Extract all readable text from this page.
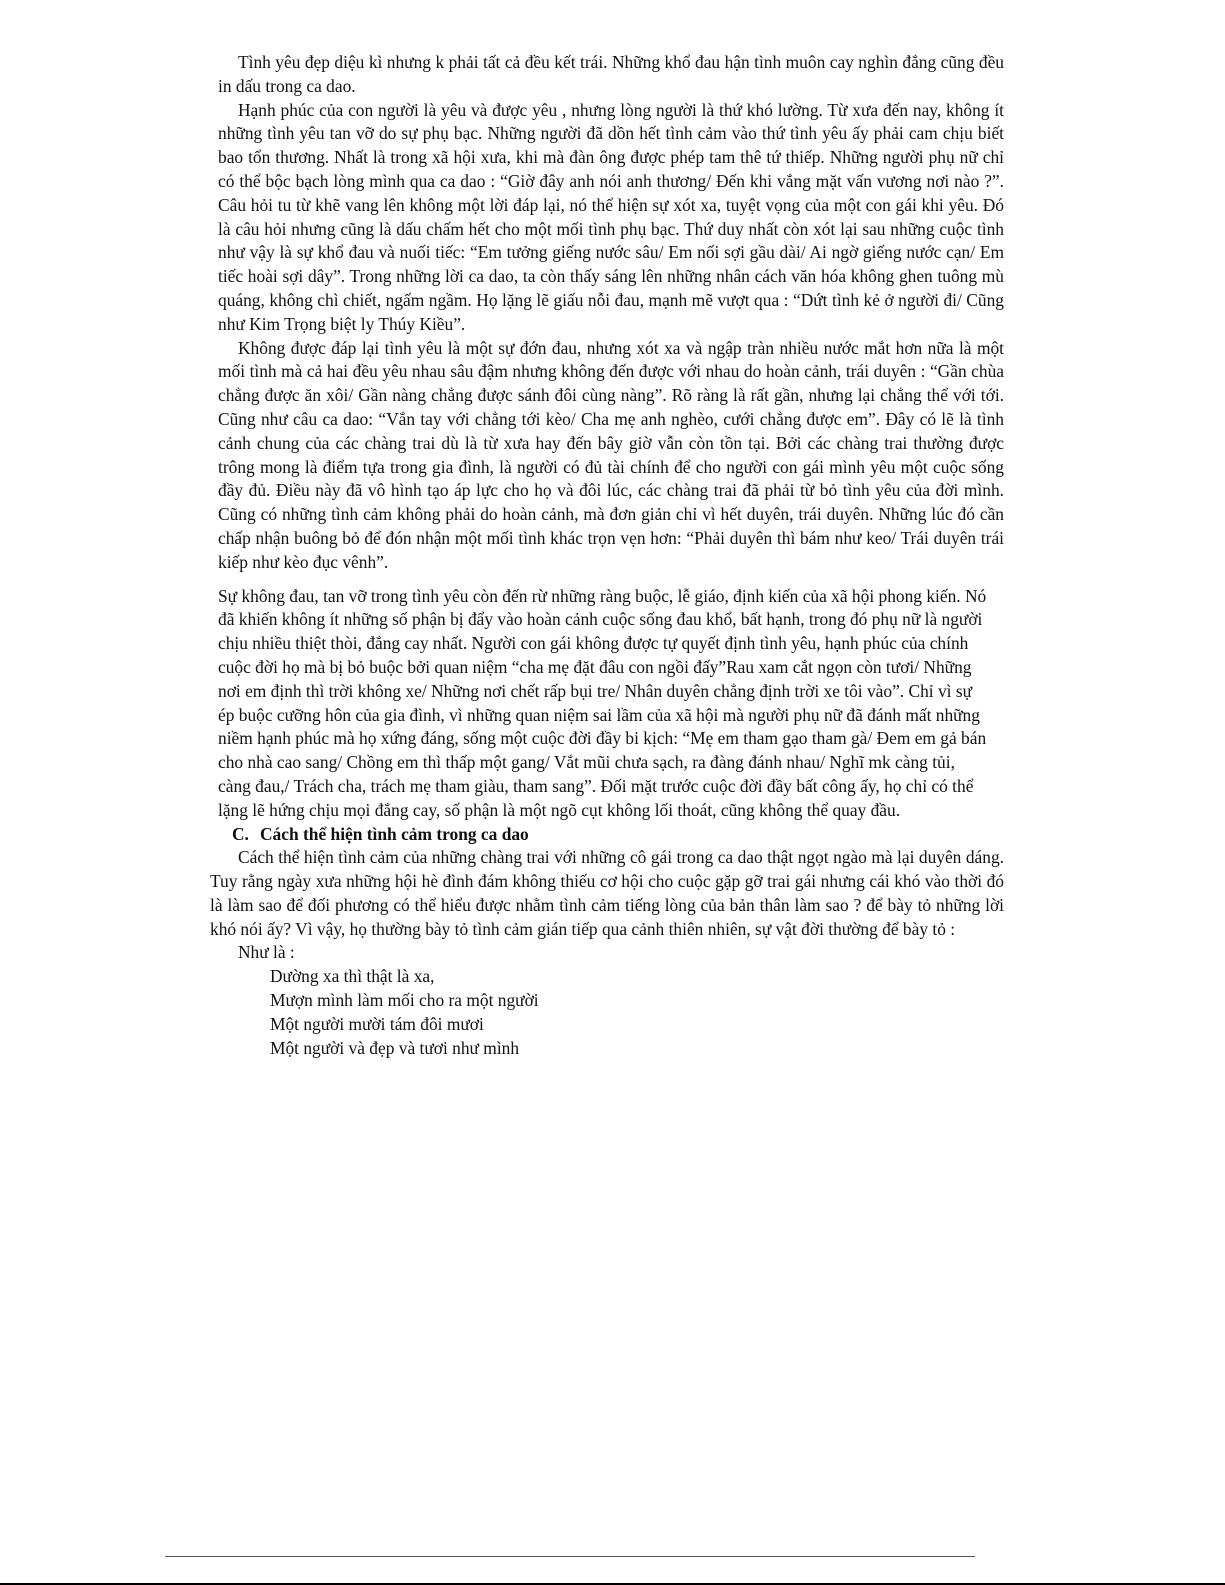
Tình yêu đẹp diệu kì nhưng k phải tất cả đều kết trái. Những khổ đau hận tình muôn cay nghìn đắng cũng đều in dấu trong ca dao.

Hạnh phúc của con người là yêu và được yêu , nhưng lòng người là thứ khó lường. Từ xưa đến nay, không ít những tình yêu tan vỡ do sự phụ bạc. Những người đã dồn hết tình cảm vào thứ tình yêu ấy phải cam chịu biết bao tổn thương. Nhất là trong xã hội xưa, khi mà đàn ông được phép tam thê tứ thiếp. Những người phụ nữ chỉ có thể bộc bạch lòng mình qua ca dao : “Giờ đây anh nói anh thương/ Đến khi vắng mặt vấn vương nơi nào ?”. Câu hỏi tu từ khẽ vang lên không một lời đáp lại, nó thể hiện sự xót xa, tuyệt vọng của một con gái khi yêu. Đó là câu hỏi nhưng cũng là dấu chấm hết cho một mối tình phụ bạc. Thứ duy nhất còn xót lại sau những cuộc tình như vậy là sự khổ đau và nuối tiếc: “Em tưởng giếng nước sâu/ Em nối sợi gầu dài/ Ai ngờ giếng nước cạn/ Em tiếc hoài sợi dây”. Trong những lời ca dao, ta còn thấy sáng lên những nhân cách văn hóa không ghen tuông mù quáng, không chì chiết, ngấm ngầm. Họ lặng lẽ giấu nỗi đau, mạnh mẽ vượt qua : “Dứt tình kẻ ở người đi/ Cũng như Kim Trọng biệt ly Thúy Kiều”.

Không được đáp lại tình yêu là một sự đớn đau, nhưng xót xa và ngập tràn nhiều nước mắt hơn nữa là một mối tình mà cả hai đều yêu nhau sâu đậm nhưng không đến được với nhau do hoàn cảnh, trái duyên : “Gần chùa chẳng được ăn xôi/ Gần nàng chẳng được sánh đôi cùng nàng”. Rõ ràng là rất gần, nhưng lại chẳng thể với tới. Cũng như câu ca dao: “Vắn tay với chẳng tới kèo/ Cha mẹ anh nghèo, cưới chẳng được em”. Đây có lẽ là tình cảnh chung của các chàng trai dù là từ xưa hay đến bây giờ vẫn còn tồn tại. Bởi các chàng trai thường được trông mong là điểm tựa trong gia đình, là người có đủ tài chính để cho người con gái mình yêu một cuộc sống đầy đủ. Điều này đã vô hình tạo áp lực cho họ và đôi lúc, các chàng trai đã phải từ bỏ tình yêu của đời mình. Cũng có những tình cảm không phải do hoàn cảnh, mà đơn giản chỉ vì hết duyên, trái duyên. Những lúc đó cần chấp nhận buông bỏ để đón nhận một mối tình khác trọn vẹn hơn: “Phải duyên thì bám như keo/ Trái duyên trái kiếp như kèo đục vênh”.

Sự không đau, tan vỡ trong tình yêu còn đến rừ những ràng buộc, lễ giáo, định kiến của xã hội phong kiến. Nó đã khiến không ít những số phận bị đẩy vào hoàn cảnh cuộc sống đau khổ, bất hạnh, trong đó phụ nữ là người chịu nhiều thiệt thòi, đắng cay nhất. Người con gái không được tự quyết định tình yêu, hạnh phúc của chính cuộc đời họ mà bị bỏ buộc bởi quan niệm “cha mẹ đặt đâu con ngồi đấy”Rau xam cắt ngọn còn tươi/ Những nơi em định thì trời không xe/ Những nơi chết rấp bụi tre/ Nhân duyên chẳng định trời xe tôi vào”. Chỉ vì sự ép buộc cưỡng hôn của gia đình, vì những quan niệm sai lầm của xã hội mà người phụ nữ đã đánh mất những niềm hạnh phúc mà họ xứng đáng, sống một cuộc đời đầy bi kịch: “Mẹ em tham gạo tham gà/ Đem em gả bán cho nhà cao sang/ Chồng em thì thấp một gang/ Vắt mũi chưa sạch, ra đàng đánh nhau/ Nghĩ mk càng tủi, càng đau,/ Trách cha, trách mẹ tham giàu, tham sang”. Đối mặt trước cuộc đời đầy bất công ấy, họ chỉ có thể lặng lẽ hứng chịu mọi đắng cay, số phận là một ngõ cụt không lối thoát, cũng không thể quay đầu.

C. Cách thể hiện tình cảm trong ca dao

Cách thể hiện tình cảm của những chàng trai với những cô gái trong ca dao thật ngọt ngào mà lại duyên dáng. Tuy rằng ngày xưa những hội hè đình đám không thiếu cơ hội cho cuộc gặp gỡ trai gái nhưng cái khó vào thời đó là làm sao để đối phương có thể hiểu được nhằm tình cảm tiếng lòng của bản thân làm sao ? để bày tỏ những lời khó nói ấy? Vì vậy, họ thường bày tỏ tình cảm gián tiếp qua cảnh thiên nhiên, sự vật đời thường để bày tỏ :

Như là :
Dường xa thì thật là xa,
Mượn mình làm mối cho ra một người
Một người mười tám đôi mươi
Một người và đẹp và tươi như mình
